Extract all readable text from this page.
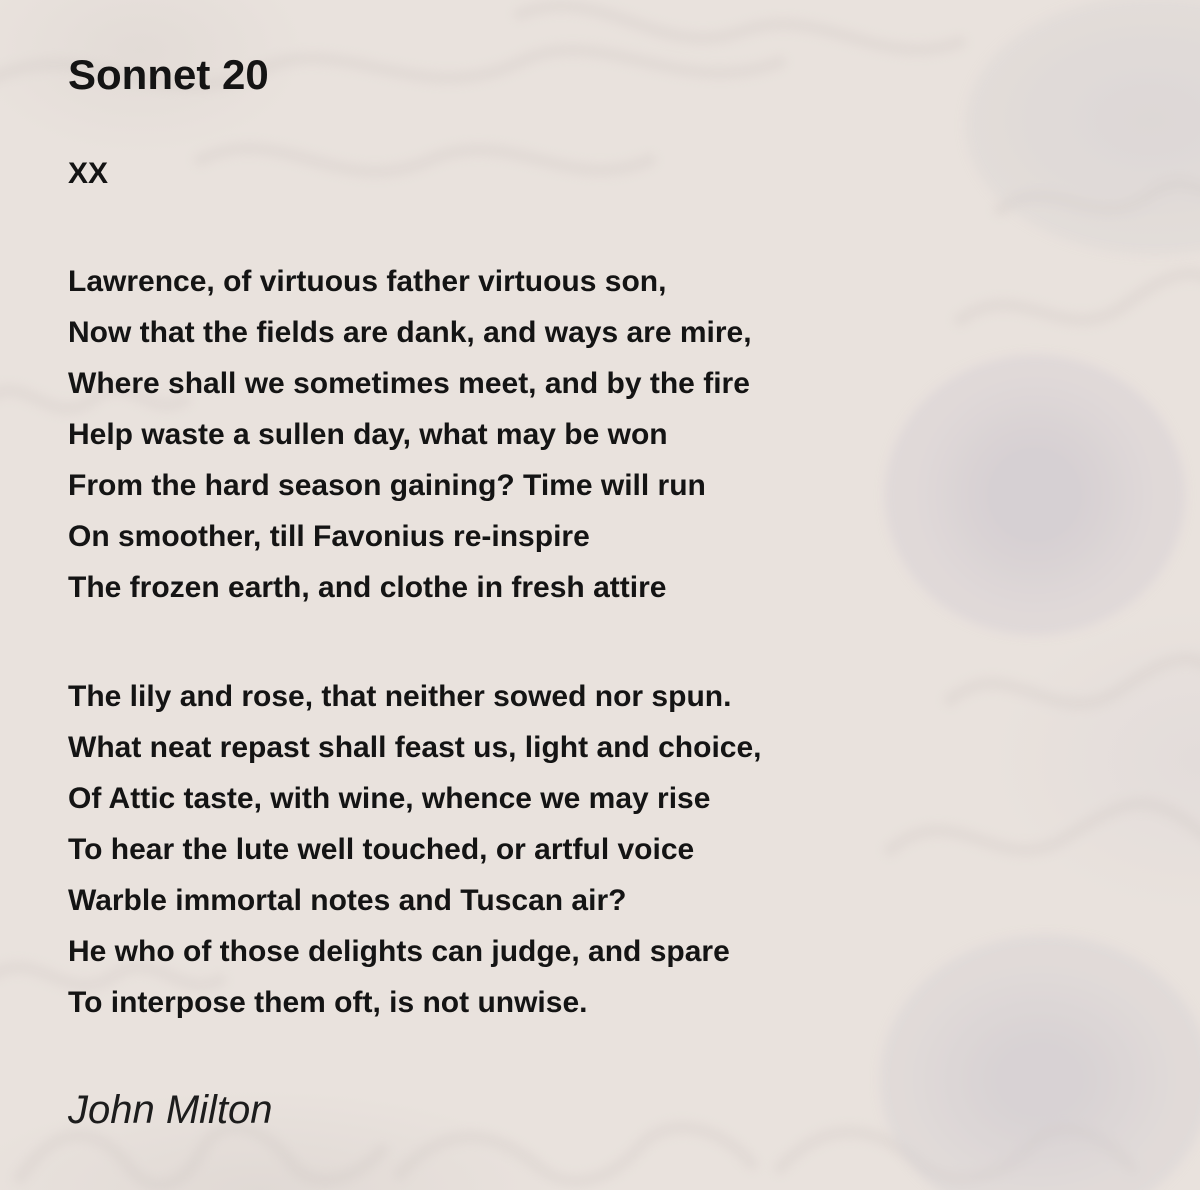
Sonnet 20
XX
Lawrence, of virtuous father virtuous son,
Now that the fields are dank, and ways are mire,
Where shall we sometimes meet, and by the fire
Help waste a sullen day, what may be won
From the hard season gaining? Time will run
On smoother, till Favonius re-inspire
The frozen earth, and clothe in fresh attire
The lily and rose, that neither sowed nor spun.
What neat repast shall feast us, light and choice,
Of Attic taste, with wine, whence we may rise
To hear the lute well touched, or artful voice
Warble immortal notes and Tuscan air?
He who of those delights can judge, and spare
To interpose them oft, is not unwise.
John Milton
